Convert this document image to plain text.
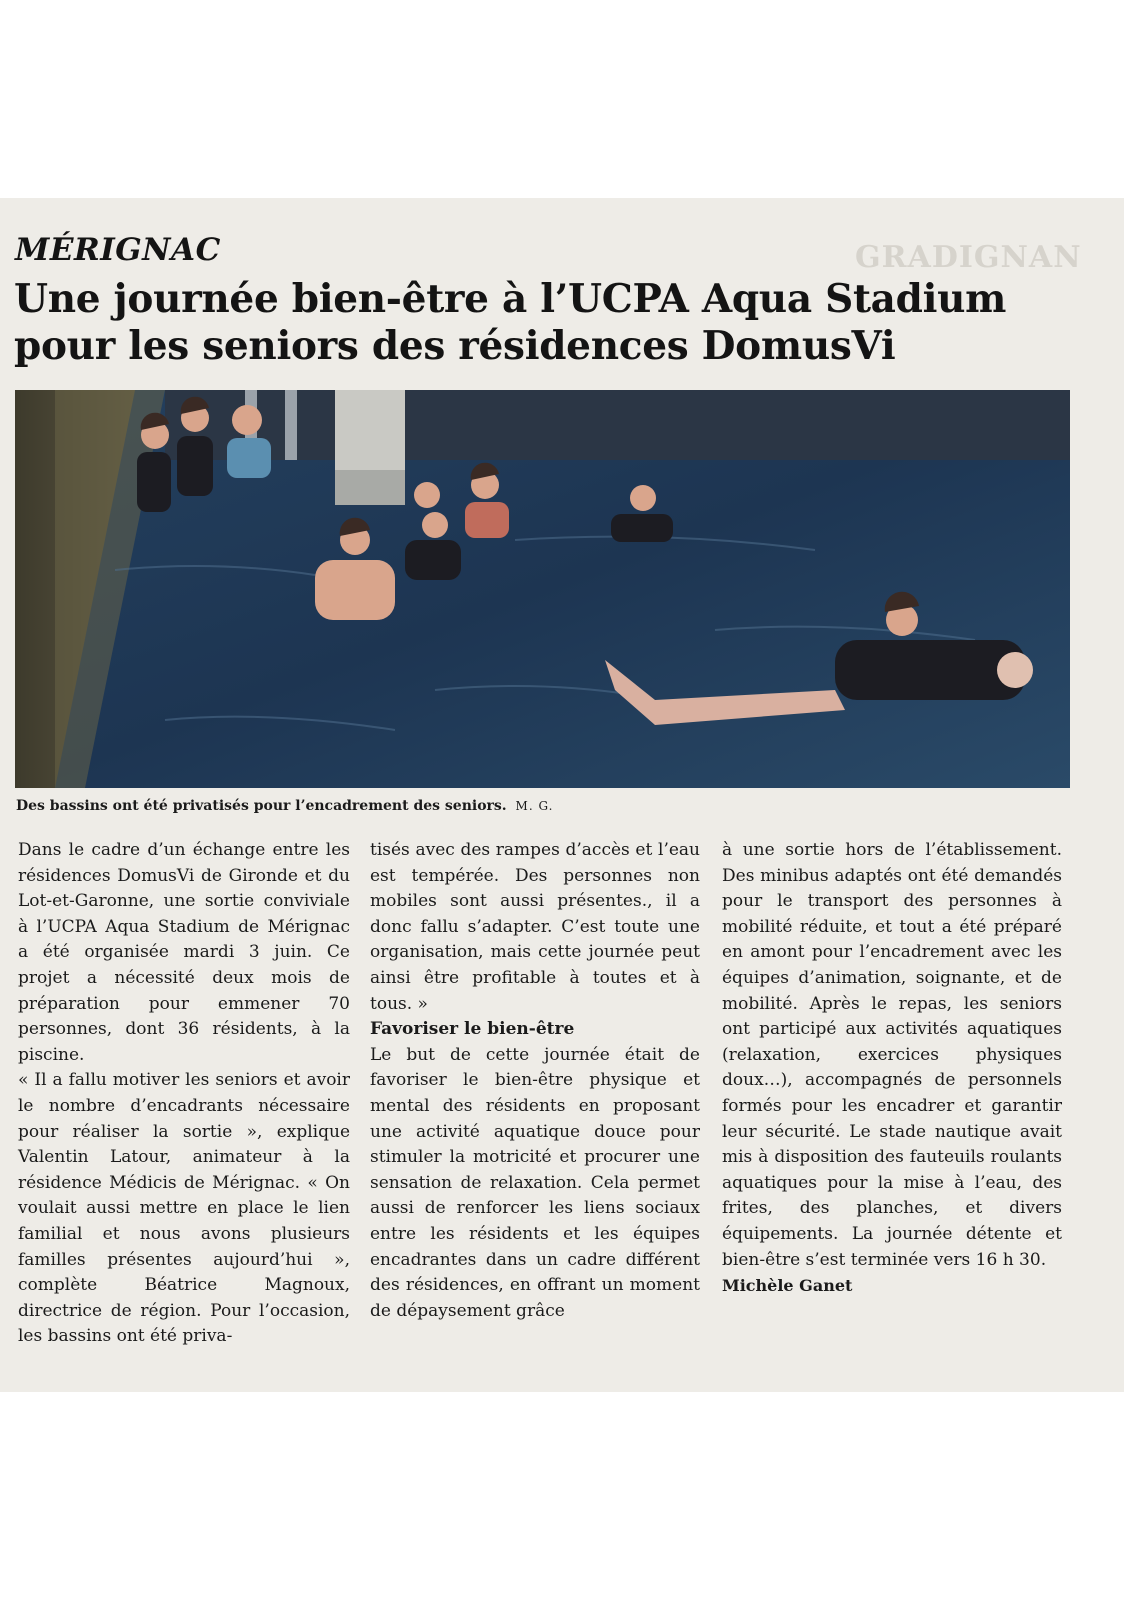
GRADIGNAN
MÉRIGNAC
Une journée bien-être à l’UCPA Aqua Stadium pour les seniors des résidences DomusVi
Des bassins ont été privatisés pour l’encadrement des seniors. M. G.

Dans le cadre d’un échange entre les résidences DomusVi de Gironde et du Lot-et-Garonne, une sortie conviviale à l’UCPA Aqua Stadium de Mérignac a été organisée mardi 3 juin. Ce projet a nécessité deux mois de préparation pour emmener 70 personnes, dont 36 résidents, à la piscine.

« Il a fallu motiver les seniors et avoir le nombre d’encadrants nécessaire pour réaliser la sortie », explique Valentin Latour, animateur à la résidence Médicis de Mérignac. « On voulait aussi mettre en place le lien familial et nous avons plusieurs familles présentes aujourd’hui », complète Béatrice Magnoux, directrice de région. Pour l’occasion, les bassins ont été priva-

tisés avec des rampes d’accès et l’eau est tempérée. Des personnes non mobiles sont aussi présentes., il a donc fallu s’adapter. C’est toute une organisation, mais cette journée peut ainsi être profitable à toutes et à tous. »

Favoriser le bien-être

Le but de cette journée était de favoriser le bien-être physique et mental des résidents en proposant une activité aquatique douce pour stimuler la motricité et procurer une sensation de relaxation. Cela permet aussi de renforcer les liens sociaux entre les résidents et les équipes encadrantes dans un cadre différent des résidences, en offrant un moment de dépaysement grâce

à une sortie hors de l’établissement. Des minibus adaptés ont été demandés pour le transport des personnes à mobilité réduite, et tout a été préparé en amont pour l’encadrement avec les équipes d’animation, soignante, et de mobilité. Après le repas, les seniors ont participé aux activités aquatiques (relaxation, exercices physiques doux…), accompagnés de personnels formés pour les encadrer et garantir leur sécurité. Le stade nautique avait mis à disposition des fauteuils roulants aquatiques pour la mise à l’eau, des frites, des planches, et divers équipements. La journée détente et bien-être s’est terminée vers 16 h 30.

Michèle Ganet
